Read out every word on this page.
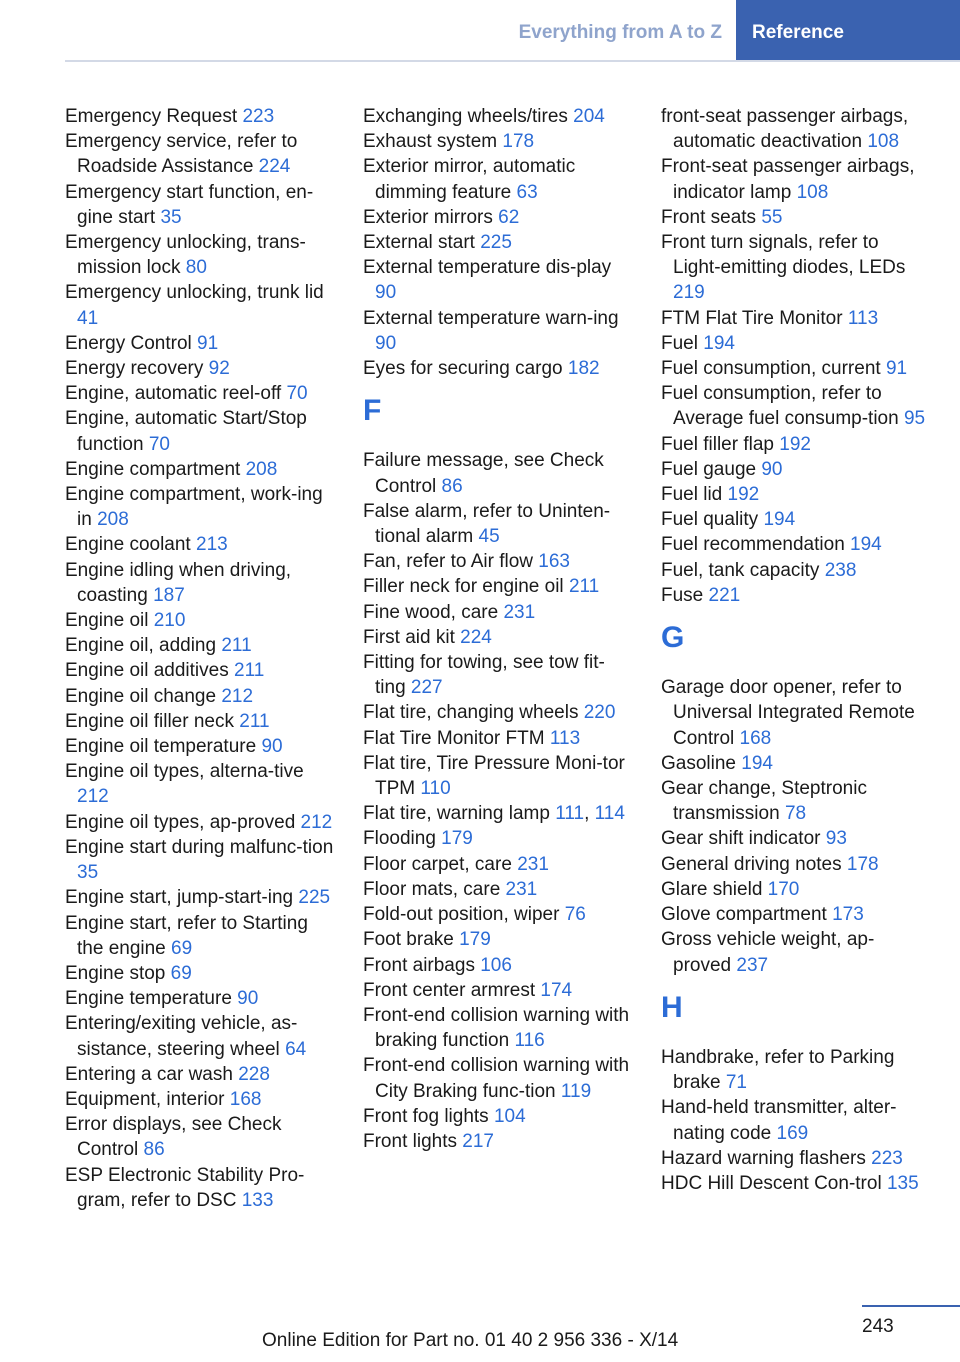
Everything from A to Z	Reference

Emergency Request 223

Emergency service, refer to Roadside Assistance 224

Emergency start function, en-gine start 35

Emergency unlocking, trans-mission lock 80

Emergency unlocking, trunk lid 41

Energy Control 91

Energy recovery 92

Engine, automatic reel-off 70

Engine, automatic Start/Stop function 70

Engine compartment 208

Engine compartment, work-ing in 208

Engine coolant 213

Engine idling when driving, coasting 187

Engine oil 210

Engine oil, adding 211

Engine oil additives 211

Engine oil change 212

Engine oil filler neck 211

Engine oil temperature 90

Engine oil types, alterna-tive 212

Engine oil types, ap-proved 212

Engine start during malfunc-tion 35

Engine start, jump-start-ing 225

Engine start, refer to Starting the engine 69

Engine stop 69

Engine temperature 90

Entering/exiting vehicle, as-sistance, steering wheel 64

Entering a car wash 228

Equipment, interior 168

Error displays, see Check Control 86

ESP Electronic Stability Pro-gram, refer to DSC 133

Exchanging wheels/tires 204

Exhaust system 178

Exterior mirror, automatic dimming feature 63

Exterior mirrors 62

External start 225

External temperature dis-play 90

External temperature warn-ing 90

Eyes for securing cargo 182

F

Failure message, see Check Control 86

False alarm, refer to Uninten-tional alarm 45

Fan, refer to Air flow 163

Filler neck for engine oil 211

Fine wood, care 231

First aid kit 224

Fitting for towing, see tow fit-ting 227

Flat tire, changing wheels 220

Flat Tire Monitor FTM 113

Flat tire, Tire Pressure Moni-tor TPM 110

Flat tire, warning lamp 111, 114

Flooding 179

Floor carpet, care 231

Floor mats, care 231

Fold-out position, wiper 76

Foot brake 179

Front airbags 106

Front center armrest 174

Front-end collision warning with braking function 116

Front-end collision warning with City Braking func-tion 119

Front fog lights 104

Front lights 217

front-seat passenger airbags, automatic deactivation 108

Front-seat passenger airbags, indicator lamp 108

Front seats 55

Front turn signals, refer to Light-emitting diodes, LEDs 219

FTM Flat Tire Monitor 113

Fuel 194

Fuel consumption, current 91

Fuel consumption, refer to Average fuel consump-tion 95

Fuel filler flap 192

Fuel gauge 90

Fuel lid 192

Fuel quality 194

Fuel recommendation 194

Fuel, tank capacity 238

Fuse 221

G

Garage door opener, refer to Universal Integrated Remote Control 168

Gasoline 194

Gear change, Steptronic transmission 78

Gear shift indicator 93

General driving notes 178

Glare shield 170

Glove compartment 173

Gross vehicle weight, ap-proved 237

H

Handbrake, refer to Parking brake 71

Hand-held transmitter, alter-nating code 169

Hazard warning flashers 223

HDC Hill Descent Con-trol 135

243
Online Edition for Part no. 01 40 2 956 336 - X/14
